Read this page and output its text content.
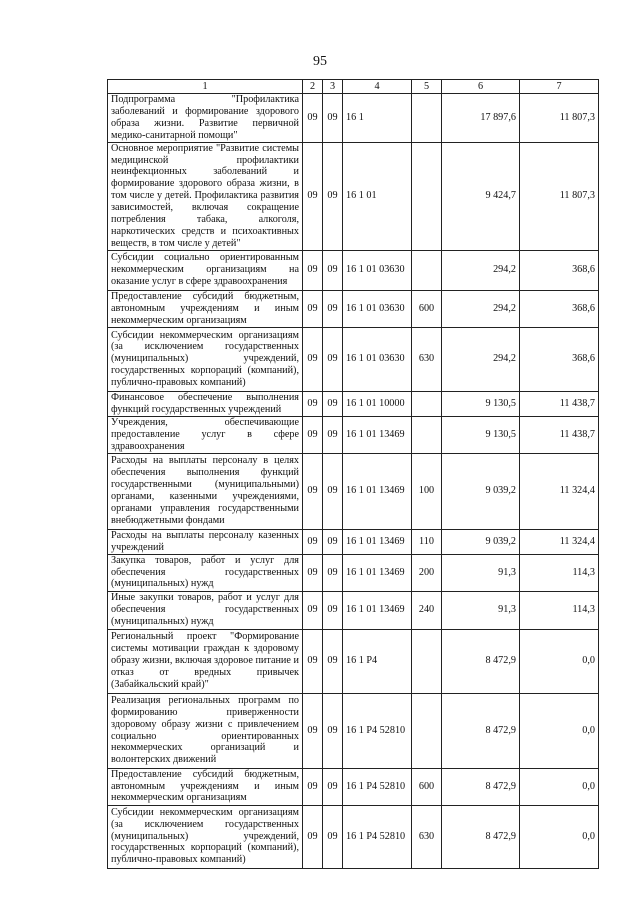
95
1	2	3	4	5	6	7
Подпрограмма "Профилактика заболеваний и формирование здорового образа жизни. Развитие первичной медико-санитарной помощи"	09	09	16 1		17 897,6	11 807,3
Основное мероприятие "Развитие системы медицинской профилактики неинфекционных заболеваний и формирование здорового образа жизни, в том числе у детей. Профилактика развития зависимостей, включая сокращение потребления табака, алкоголя, наркотических средств и психоактивных веществ, в том числе у детей"	09	09	16 1 01		9 424,7	11 807,3
Субсидии социально ориентированным некоммерческим организациям на оказание услуг в сфере здравоохранения	09	09	16 1 01 03630		294,2	368,6
Предоставление субсидий бюджетным, автономным учреждениям и иным некоммерческим организациям	09	09	16 1 01 03630	600	294,2	368,6
Субсидии некоммерческим организациям (за исключением государственных (муниципальных) учреждений, государственных корпораций (компаний), публично-правовых компаний)	09	09	16 1 01 03630	630	294,2	368,6
Финансовое обеспечение выполнения функций государственных учреждений	09	09	16 1 01 10000		9 130,5	11 438,7
Учреждения, обеспечивающие предоставление услуг в сфере здравоохранения	09	09	16 1 01 13469		9 130,5	11 438,7
Расходы на выплаты персоналу в целях обеспечения выполнения функций государственными (муниципальными) органами, казенными учреждениями, органами управления государственными внебюджетными фондами	09	09	16 1 01 13469	100	9 039,2	11 324,4
Расходы на выплаты персоналу казенных учреждений	09	09	16 1 01 13469	110	9 039,2	11 324,4
Закупка товаров, работ и услуг для обеспечения государственных (муниципальных) нужд	09	09	16 1 01 13469	200	91,3	114,3
Иные закупки товаров, работ и услуг для обеспечения государственных (муниципальных) нужд	09	09	16 1 01 13469	240	91,3	114,3
Региональный проект "Формирование системы мотивации граждан к здоровому образу жизни, включая здоровое питание и отказ от вредных привычек (Забайкальский край)"	09	09	16 1 P4		8 472,9	0,0
Реализация региональных программ по формированию приверженности здоровому образу жизни с привлечением социально ориентированных некоммерческих организаций и волонтерских движений	09	09	16 1 P4 52810		8 472,9	0,0
Предоставление субсидий бюджетным, автономным учреждениям и иным некоммерческим организациям	09	09	16 1 P4 52810	600	8 472,9	0,0
Субсидии некоммерческим организациям (за исключением государственных (муниципальных) учреждений, государственных корпораций (компаний), публично-правовых компаний)	09	09	16 1 P4 52810	630	8 472,9	0,0
